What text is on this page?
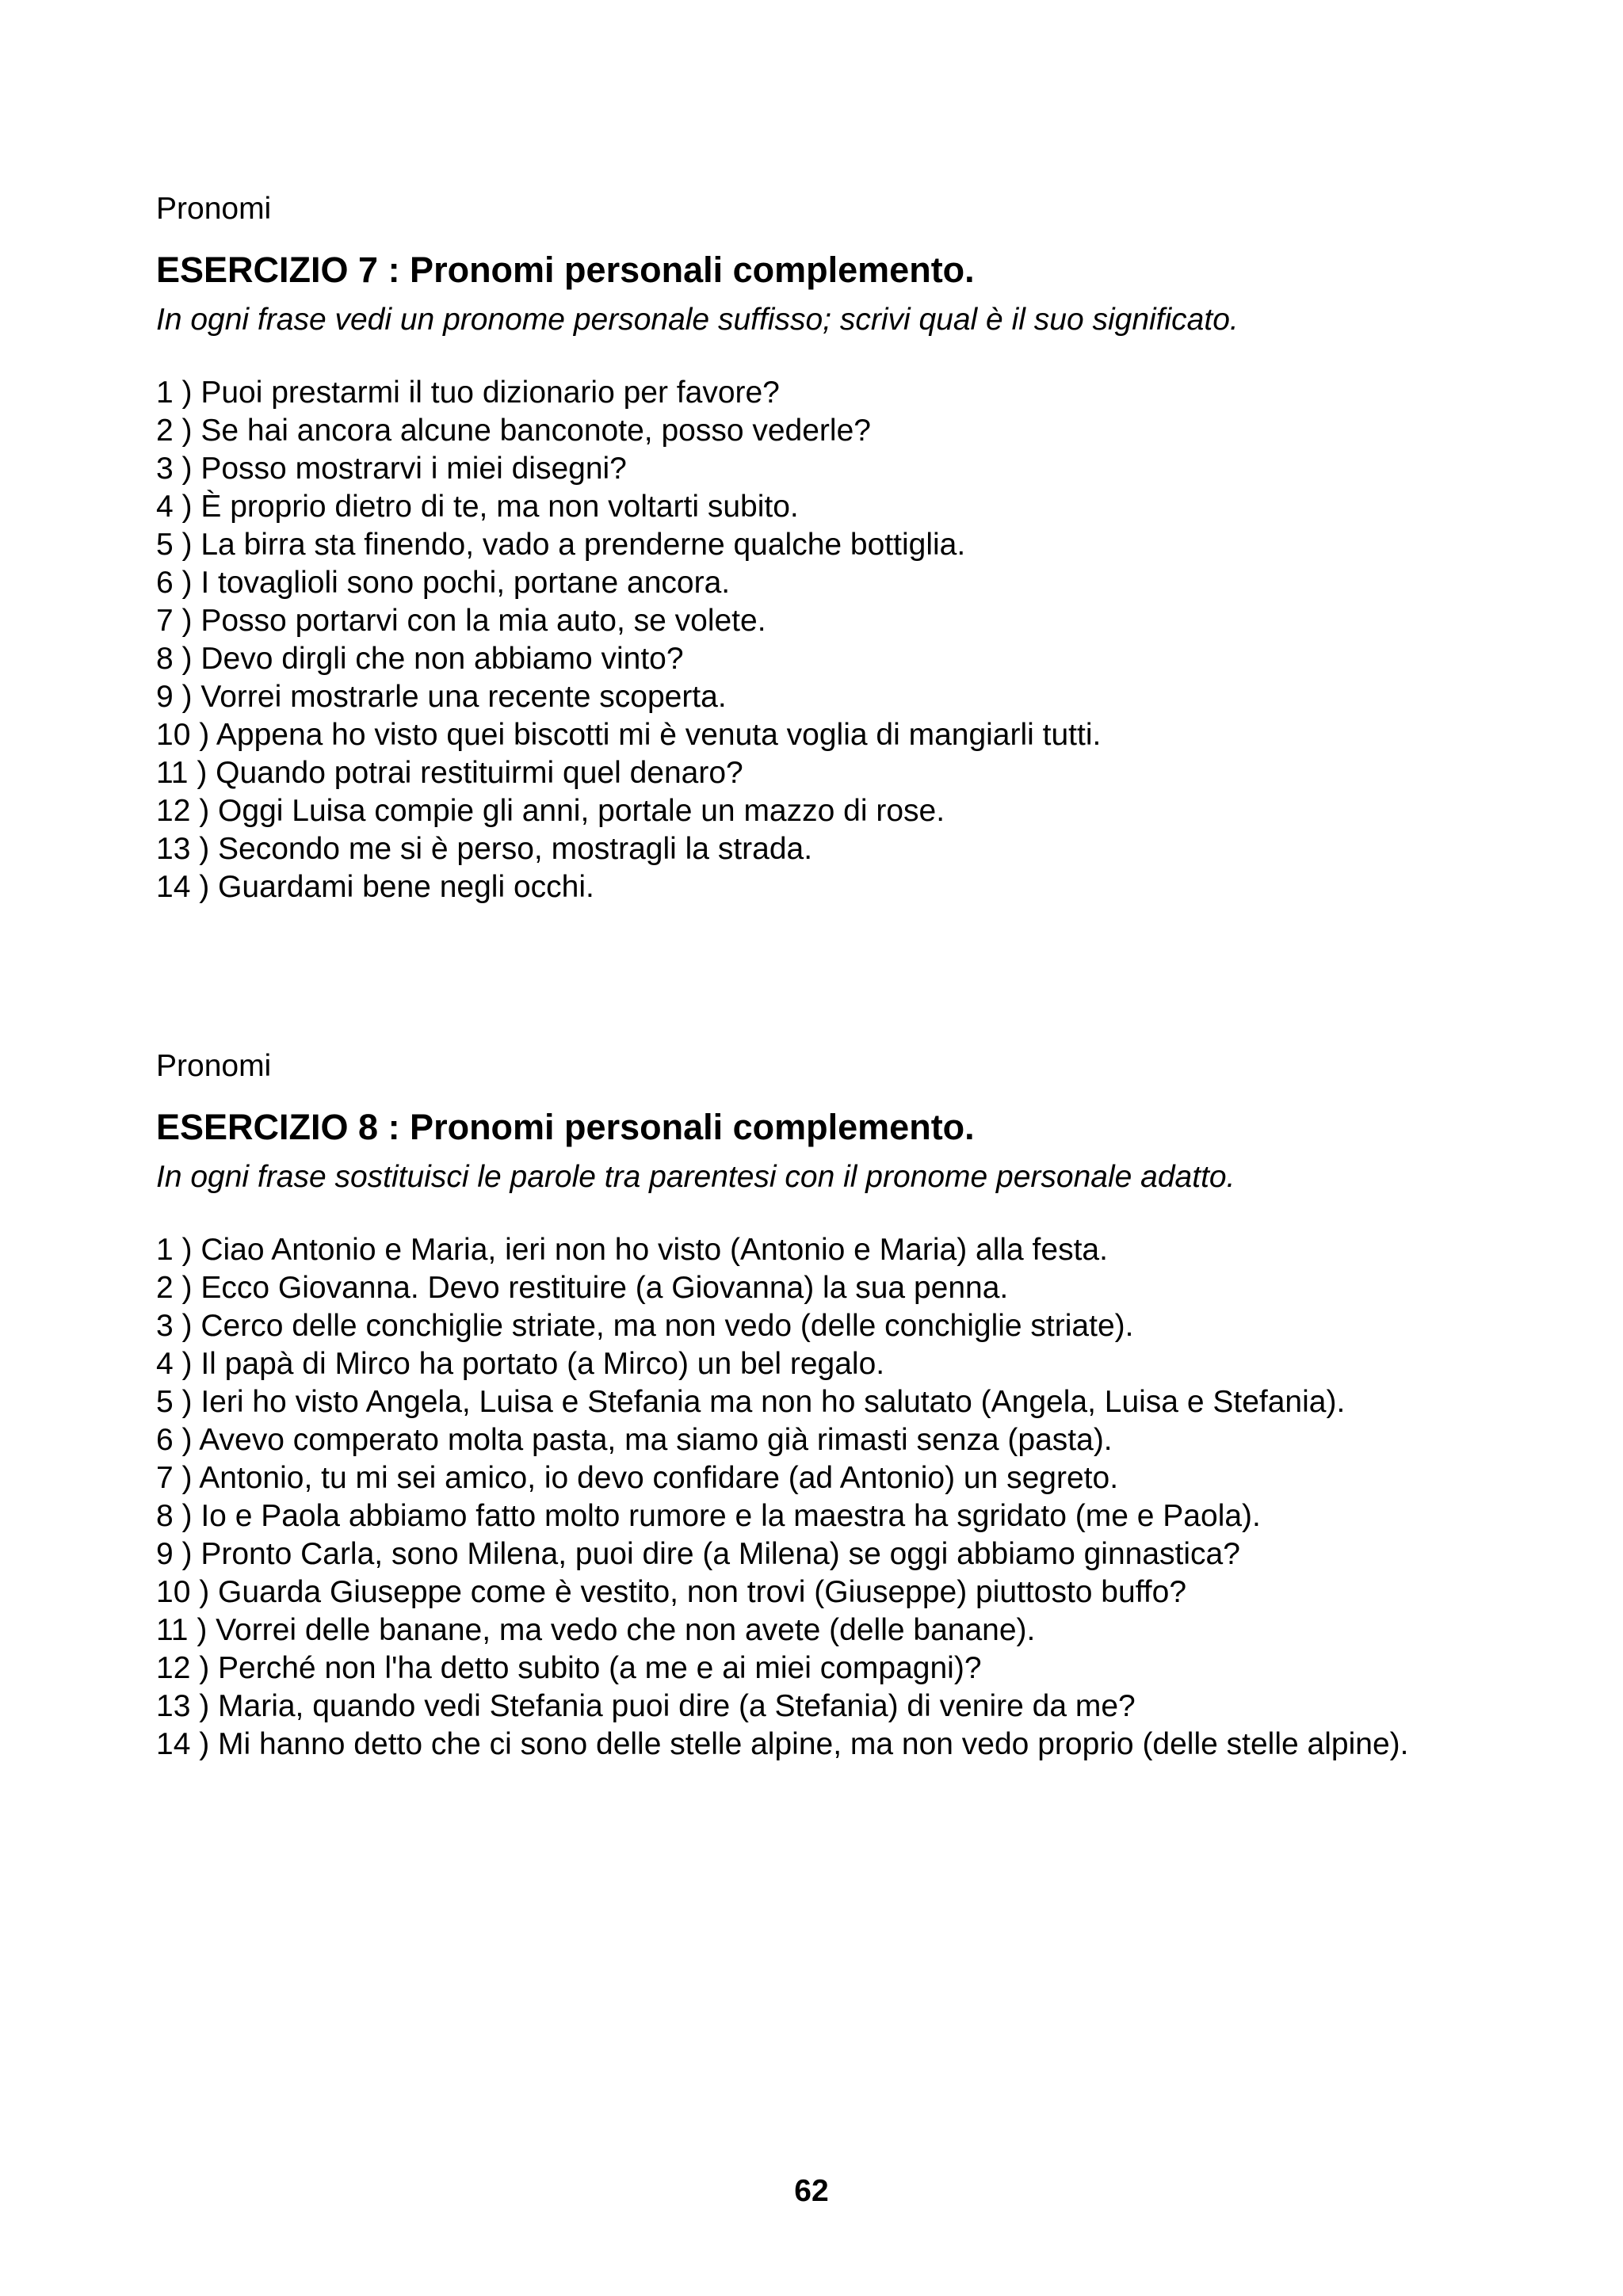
Pronomi

ESERCIZIO 7 : Pronomi personali complemento.

In ogni frase vedi un pronome personale suffisso; scrivi qual è il suo significato.

1 ) Puoi prestarmi il tuo dizionario per favore?
2 ) Se hai ancora alcune banconote, posso vederle?
3 ) Posso mostrarvi i miei disegni?
4 ) È proprio dietro di te, ma non voltarti subito.
5 ) La birra sta finendo, vado a prenderne qualche bottiglia.
6 ) I tovaglioli sono pochi, portane ancora.
7 ) Posso portarvi con la mia auto, se volete.
8 ) Devo dirgli che non abbiamo vinto?
9 ) Vorrei mostrarle una recente scoperta.
10 ) Appena ho visto quei biscotti mi è venuta voglia di mangiarli tutti.
11 ) Quando potrai restituirmi quel denaro?
12 ) Oggi Luisa compie gli anni, portale un mazzo di rose.
13 ) Secondo me si è perso, mostragli la strada.
14 ) Guardami bene negli occhi.

Pronomi

ESERCIZIO 8 : Pronomi personali complemento.

In ogni frase sostituisci le parole tra parentesi con il pronome personale adatto.

1 ) Ciao Antonio e Maria, ieri non ho visto (Antonio e Maria) alla festa.
2 ) Ecco Giovanna. Devo restituire (a Giovanna) la sua penna.
3 ) Cerco delle conchiglie striate, ma non vedo (delle conchiglie striate).
4 ) Il papà di Mirco ha portato (a Mirco) un bel regalo.
5 ) Ieri ho visto Angela, Luisa e Stefania ma non ho salutato (Angela, Luisa e Stefania).
6 ) Avevo comperato molta pasta, ma siamo già rimasti senza (pasta).
7 ) Antonio, tu mi sei amico, io devo confidare (ad Antonio) un segreto.
8 ) Io e Paola abbiamo fatto molto rumore e la maestra ha sgridato (me e Paola).
9 ) Pronto Carla, sono Milena, puoi dire (a Milena) se oggi abbiamo ginnastica?
10 ) Guarda Giuseppe come è vestito, non trovi (Giuseppe) piuttosto buffo?
11 ) Vorrei delle banane, ma vedo che non avete (delle banane).
12 ) Perché non l'ha detto subito (a me e ai miei compagni)?
13 ) Maria, quando vedi Stefania puoi dire (a Stefania) di venire da me?
14 ) Mi hanno detto che ci sono delle stelle alpine, ma non vedo proprio (delle stelle alpine).
62
